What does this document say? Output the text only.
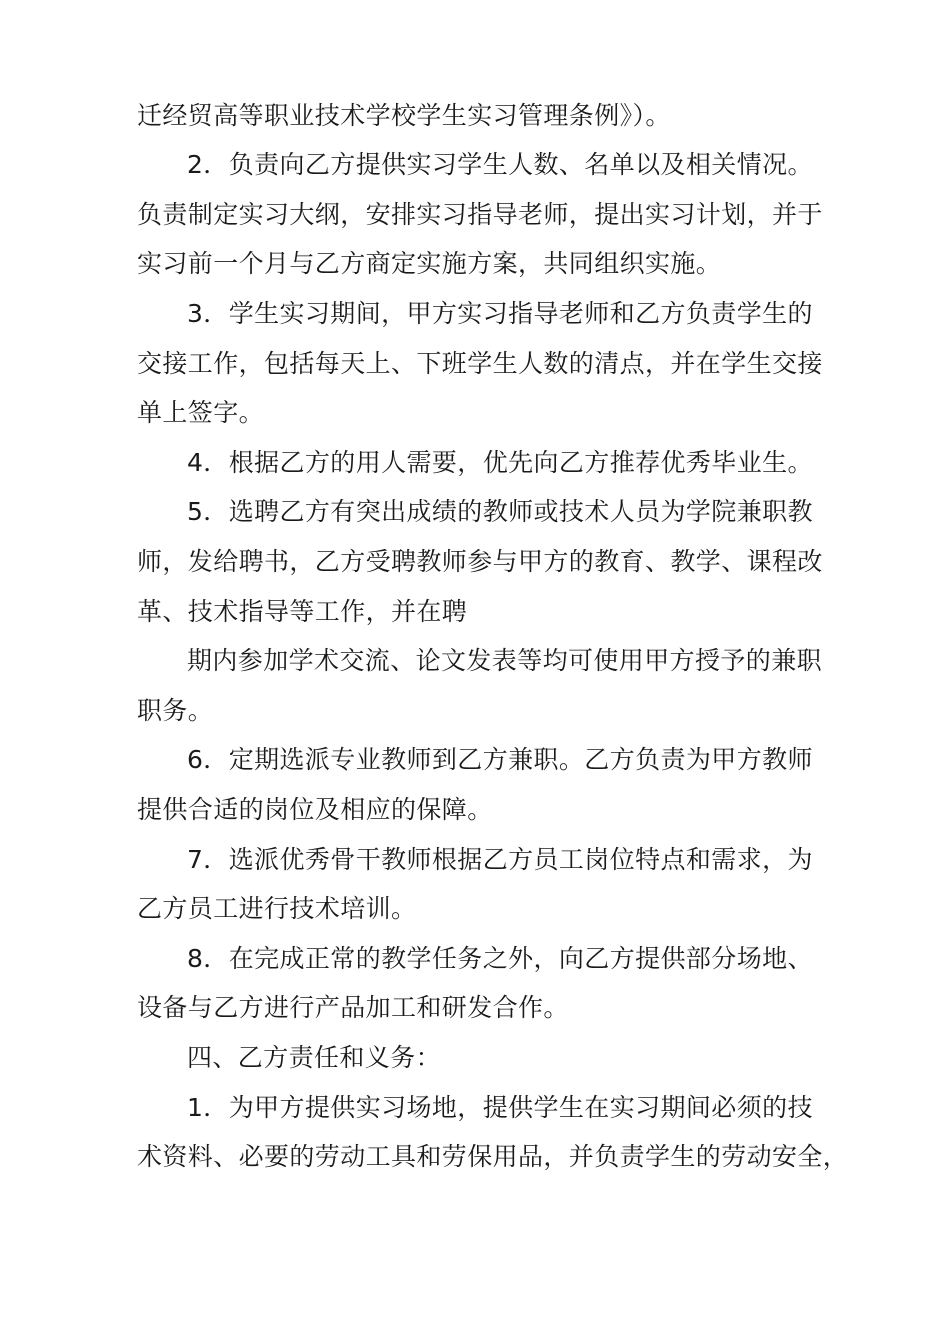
迁经贸高等职业技术学校学生实习管理条例》）。

2．负责向乙方提供实习学生人数、名单以及相关情况。

负责制定实习大纲，安排实习指导老师，提出实习计划，并于

实习前一个月与乙方商定实施方案，共同组织实施。

3．学生实习期间，甲方实习指导老师和乙方负责学生的

交接工作，包括每天上、下班学生人数的清点，并在学生交接

单上签字。

4．根据乙方的用人需要，优先向乙方推荐优秀毕业生。

5．选聘乙方有突出成绩的教师或技术人员为学院兼职教

师，发给聘书，乙方受聘教师参与甲方的教育、教学、课程改

革、技术指导等工作，并在聘

期内参加学术交流、论文发表等均可使用甲方授予的兼职

职务。

6．定期选派专业教师到乙方兼职。乙方负责为甲方教师

提供合适的岗位及相应的保障。

7．选派优秀骨干教师根据乙方员工岗位特点和需求，为

乙方员工进行技术培训。

8．在完成正常的教学任务之外，向乙方提供部分场地、

设备与乙方进行产品加工和研发合作。

四、乙方责任和义务：

1．为甲方提供实习场地，提供学生在实习期间必须的技

术资料、必要的劳动工具和劳保用品，并负责学生的劳动安全，
